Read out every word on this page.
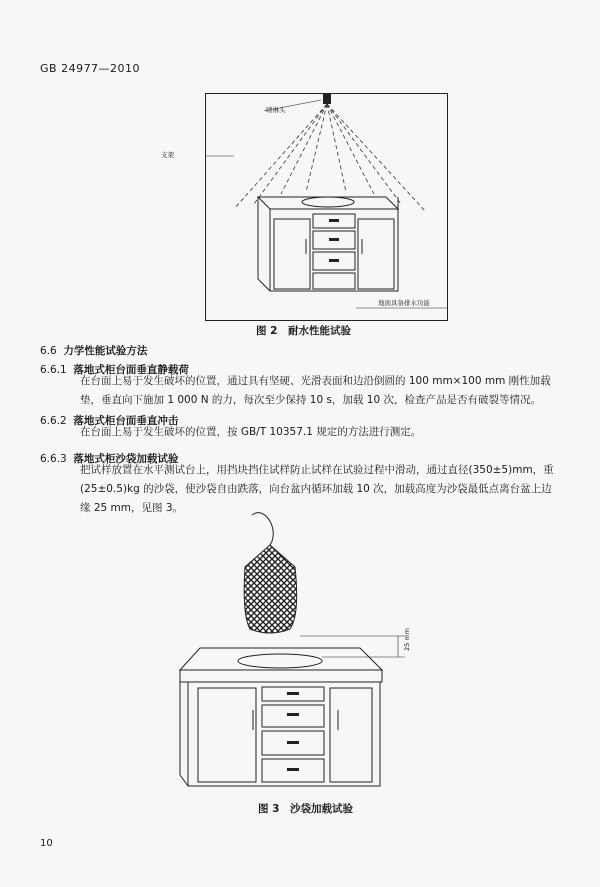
GB 24977—2010
喷淋头
支架
地面具备排水功能
图 2　耐水性能试验
6.6 力学性能试验方法
6.6.1 落地式柜台面垂直静载荷
在台面上易于发生破坏的位置，通过具有坚硬、光滑表面和边沿倒圆的 100 mm×100 mm 刚性加载垫，垂直向下施加 1 000 N 的力，每次至少保持 10 s，加载 10 次，检查产品是否有破裂等情况。
6.6.2 落地式柜台面垂直冲击
在台面上易于发生破坏的位置，按 GB/T 10357.1 规定的方法进行测定。
6.6.3 落地式柜沙袋加载试验
把试样放置在水平测试台上，用挡块挡住试样防止试样在试验过程中滑动，通过直径(350±5)mm，重(25±0.5)kg 的沙袋，使沙袋自由跌落，向台盆内循环加载 10 次，加载高度为沙袋最低点离台盆上边缘 25 mm，见图 3。
25 mm
图 3　沙袋加载试验
10
